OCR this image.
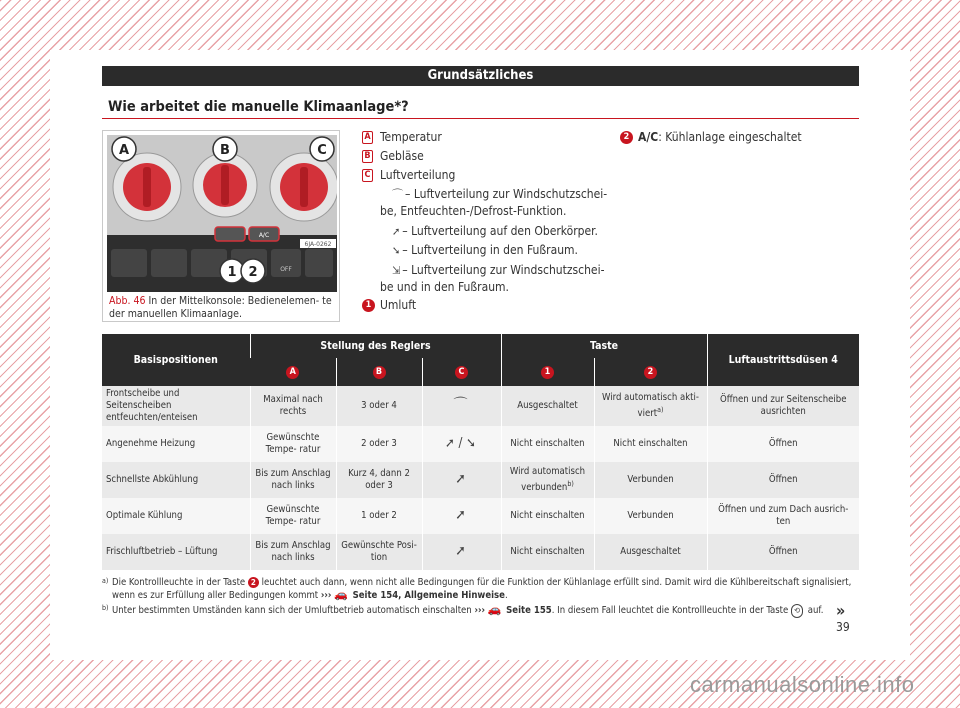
Grundsätzliches
Wie arbeitet die manuelle Klimaanlage*?
A/C
OFF
6JA-0262
A	B	C
1 2
Abb. 46 In der Mittelkonsole: Bedienelemen- te der manuellen Klimaanlage.
A Temperatur
B Gebläse
C Luftverteilung
⌒ – Luftverteilung zur Windschutzschei- be, Entfeuchten-/Defrost-Funktion.
➚ – Luftverteilung auf den Oberkörper.
➘ – Luftverteilung in den Fußraum.
⇲ – Luftverteilung zur Windschutzschei- be und in den Fußraum.
1 Umluft
2 A/C: Kühlanlage eingeschaltet
Basispositionen	Stellung des Reglers			Taste		Luftaustrittsdüsen 4
	A	B	C	1	2	
Frontscheibe und Seitenscheiben entfeuchten/enteisen	Maximal nach rechts	3 oder 4	⌒	Ausgeschaltet	Wird automatisch akti- viert$^{a)}$	Öffnen und zur Seitenscheibe ausrichten
Angenehme Heizung	Gewünschte Tempe- ratur	2 oder 3	➚ / ➘	Nicht einschalten	Nicht einschalten	Öffnen
Schnellste Abkühlung	Bis zum Anschlag nach links	Kurz 4, dann 2 oder 3	➚	Wird automatisch verbunden$^{b)}$	Verbunden	Öffnen
Optimale Kühlung	Gewünschte Tempe- ratur	1 oder 2	➚	Nicht einschalten	Verbunden	Öffnen und zum Dach ausrich- ten
Frischluftbetrieb – Lüftung	Bis zum Anschlag nach links	Gewünschte Posi- tion	➚	Nicht einschalten	Ausgeschaltet	Öffnen
a) Die Kontrollleuchte in der Taste 2 leuchtet auch dann, wenn nicht alle Bedingungen für die Funktion der Kühlanlage erfüllt sind. Damit wird die Kühlbereitschaft signalisiert, wenn es zur Erfüllung aller Bedingungen kommt ››› 🚗 Seite 154, Allgemeine Hinweise.
b) Unter bestimmten Umständen kann sich der Umluftbetrieb automatisch einschalten ››› 🚗 Seite 155. In diesem Fall leuchtet die Kontrollleuchte in der Taste ⟲ auf. »
39
carmanualsonline.info
